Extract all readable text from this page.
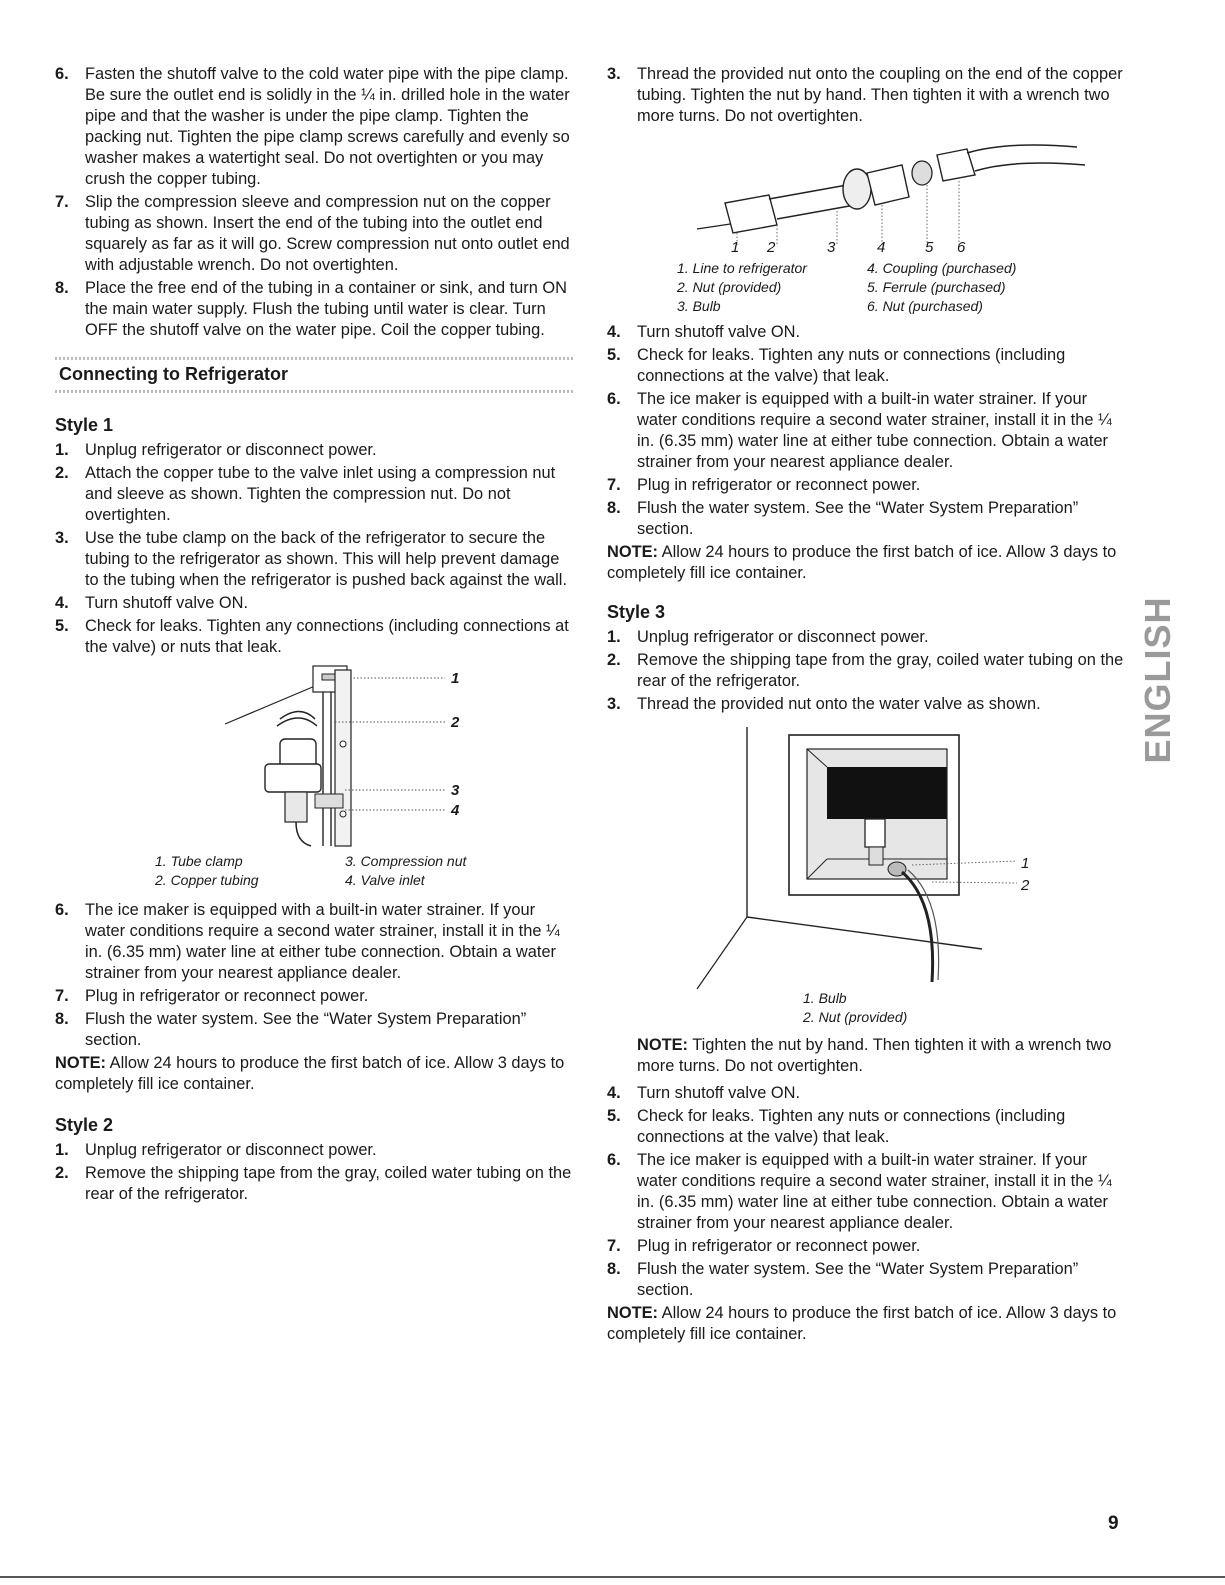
6. Fasten the shutoff valve to the cold water pipe with the pipe clamp. Be sure the outlet end is solidly in the ¼ in. drilled hole in the water pipe and that the washer is under the pipe clamp. Tighten the packing nut. Tighten the pipe clamp screws carefully and evenly so washer makes a watertight seal. Do not overtighten or you may crush the copper tubing.
7. Slip the compression sleeve and compression nut on the copper tubing as shown. Insert the end of the tubing into the outlet end squarely as far as it will go. Screw compression nut onto outlet end with adjustable wrench. Do not overtighten.
8. Place the free end of the tubing in a container or sink, and turn ON the main water supply. Flush the tubing until water is clear. Turn OFF the shutoff valve on the water pipe. Coil the copper tubing.
Connecting to Refrigerator
Style 1
1. Unplug refrigerator or disconnect power.
2. Attach the copper tube to the valve inlet using a compression nut and sleeve as shown. Tighten the compression nut. Do not overtighten.
3. Use the tube clamp on the back of the refrigerator to secure the tubing to the refrigerator as shown. This will help prevent damage to the tubing when the refrigerator is pushed back against the wall.
4. Turn shutoff valve ON.
5. Check for leaks. Tighten any connections (including connections at the valve) or nuts that leak.
1
2
3
4
1. Tube clamp	3. Compression nut
2. Copper tubing	4. Valve inlet
6. The ice maker is equipped with a built-in water strainer. If your water conditions require a second water strainer, install it in the ¼ in. (6.35 mm) water line at either tube connection. Obtain a water strainer from your nearest appliance dealer.
7. Plug in refrigerator or reconnect power.
8. Flush the water system. See the “Water System Preparation” section.

NOTE: Allow 24 hours to produce the first batch of ice. Allow 3 days to completely fill ice container.

Style 2
1. Unplug refrigerator or disconnect power.
2. Remove the shipping tape from the gray, coiled water tubing on the rear of the refrigerator.
3. Thread the provided nut onto the coupling on the end of the copper tubing. Tighten the nut by hand. Then tighten it with a wrench two more turns. Do not overtighten.
1 2	3	4	5 6
1. Line to refrigerator	4. Coupling (purchased)
2. Nut (provided)	5. Ferrule (purchased)
3. Bulb	6. Nut (purchased)
4. Turn shutoff valve ON.
5. Check for leaks. Tighten any nuts or connections (including connections at the valve) that leak.
6. The ice maker is equipped with a built-in water strainer. If your water conditions require a second water strainer, install it in the ¼ in. (6.35 mm) water line at either tube connection. Obtain a water strainer from your nearest appliance dealer.
7. Plug in refrigerator or reconnect power.
8. Flush the water system. See the “Water System Preparation” section.

NOTE: Allow 24 hours to produce the first batch of ice. Allow 3 days to completely fill ice container.

Style 3
1. Unplug refrigerator or disconnect power.
2. Remove the shipping tape from the gray, coiled water tubing on the rear of the refrigerator.
3. Thread the provided nut onto the water valve as shown.
1
2
1. Bulb
2. Nut (provided)

NOTE: Tighten the nut by hand. Then tighten it with a wrench two more turns. Do not overtighten.

4. Turn shutoff valve ON.
5. Check for leaks. Tighten any nuts or connections (including connections at the valve) that leak.
6. The ice maker is equipped with a built-in water strainer. If your water conditions require a second water strainer, install it in the ¼ in. (6.35 mm) water line at either tube connection. Obtain a water strainer from your nearest appliance dealer.
7. Plug in refrigerator or reconnect power.
8. Flush the water system. See the “Water System Preparation” section.

NOTE: Allow 24 hours to produce the first batch of ice. Allow 3 days to completely fill ice container.

ENGLISH
9
